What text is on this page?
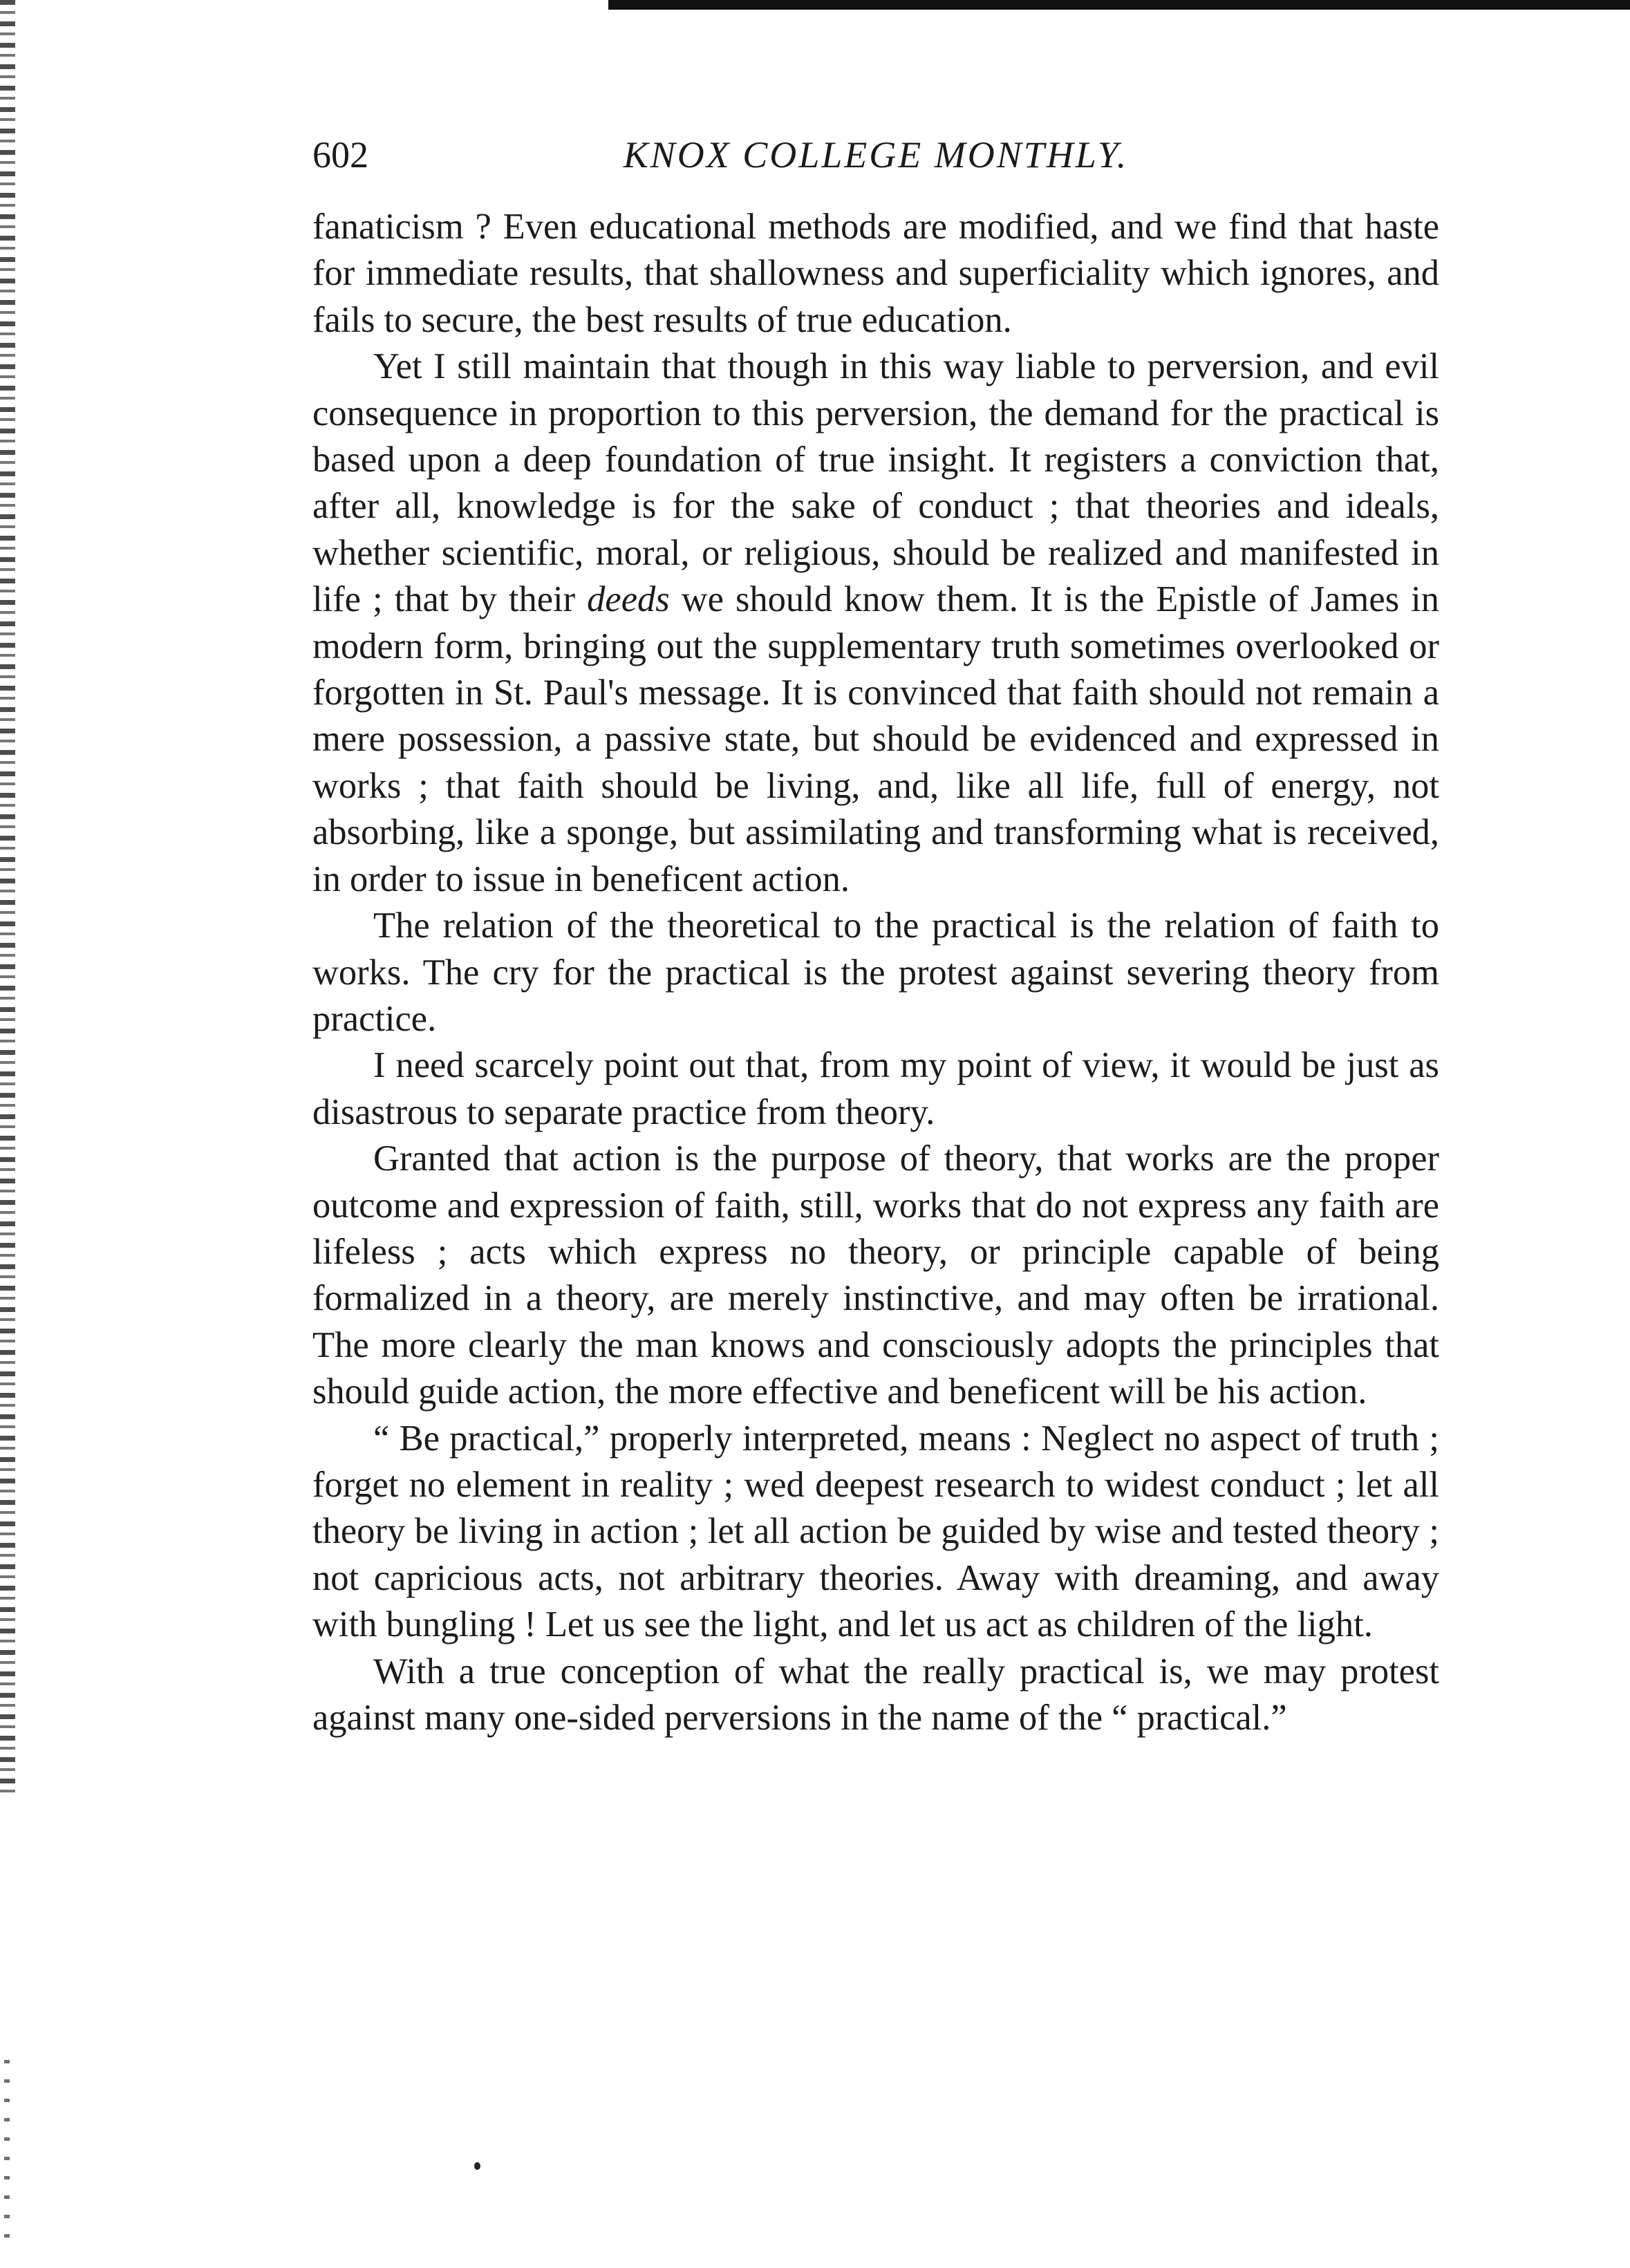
602	KNOX COLLEGE MONTHLY.

fanaticism ? Even educational methods are modified, and we find that haste for immediate results, that shallowness and superficiality which ignores, and fails to secure, the best results of true education.

Yet I still maintain that though in this way liable to perversion, and evil consequence in proportion to this perversion, the demand for the practical is based upon a deep foundation of true insight. It registers a conviction that, after all, knowledge is for the sake of conduct ; that theories and ideals, whether scientific, moral, or religious, should be realized and manifested in life ; that by their deeds we should know them. It is the Epistle of James in modern form, bringing out the supplementary truth sometimes overlooked or forgotten in St. Paul's message. It is convinced that faith should not remain a mere possession, a passive state, but should be evidenced and expressed in works ; that faith should be living, and, like all life, full of energy, not absorbing, like a sponge, but assimilating and transforming what is received, in order to issue in beneficent action.

The relation of the theoretical to the practical is the relation of faith to works. The cry for the practical is the protest against severing theory from practice.

I need scarcely point out that, from my point of view, it would be just as disastrous to separate practice from theory.

Granted that action is the purpose of theory, that works are the proper outcome and expression of faith, still, works that do not express any faith are lifeless ; acts which express no theory, or principle capable of being formalized in a theory, are merely instinctive, and may often be irrational. The more clearly the man knows and consciously adopts the principles that should guide action, the more effective and beneficent will be his action.

“ Be practical,” properly interpreted, means : Neglect no aspect of truth ; forget no element in reality ; wed deepest research to widest conduct ; let all theory be living in action ; let all action be guided by wise and tested theory ; not capricious acts, not arbitrary theories. Away with dreaming, and away with bungling ! Let us see the light, and let us act as children of the light.

With a true conception of what the really practical is, we may protest against many one-sided perversions in the name of the “ practical.”
